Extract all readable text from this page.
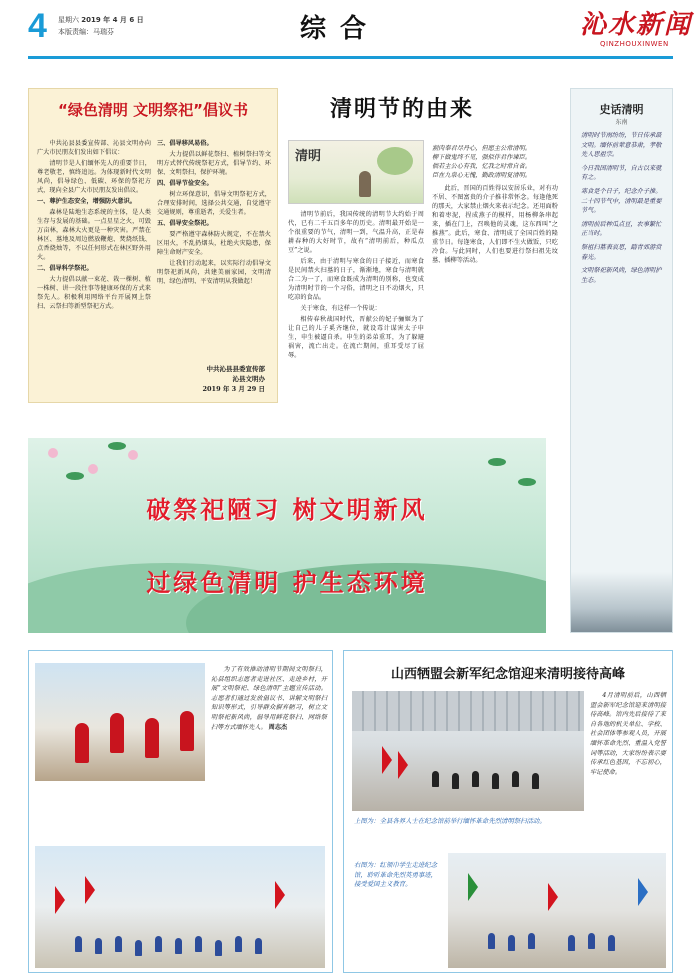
4 星期六 2019 年 4 月 6 日
本版责编：马瑞芬	综合	沁水新闻
QINZHOUXINWEN
“绿色清明 文明祭祀”倡议书

中共沁县县委宣传部、沁县文明办向广大市民朋友们发出如下倡议：

清明节是人们缅怀先人的重要节日，尊老敬老，慎终追远。为体现新时代文明风尚，倡导绿色、低碳、环保的祭祀方式，现向全县广大市民朋友发出倡议。

一、尊护生态安全，增强防火意识。

森林是陆地生态系统的主体，是人类生存与发展的基础。一点星星之火，可毁万亩林，森林大火更是一种灾害。严禁在林区、墓地及周边燃放鞭炮、焚烧纸钱、点香烧烛等，不以任何形式在林区野外用火。

二、倡导科学祭祀。

大力提倡以献一束花、栽一棵树、植一株树、讲一段往事等健康环保的方式来祭先人。积极利用网络平台开展网上祭扫、云祭扫等新型祭祀方式。

三、倡导移风易俗。

大力提倡以鲜花祭扫、植树祭扫等文明方式替代传统祭祀方式，倡导节约、环保、文明祭扫，保护环境。

四、倡导节俭安全。

树立环保意识，倡导文明祭祀方式，合理安排时间，选择公共交通，自觉遵守交通规则，尊重逝者，关爱生者。

五、倡导安全祭祀。

要严格遵守森林防火规定，不在禁火区用火，不乱扔烟头，杜绝火灾隐患，保障生命财产安全。

让我们行动起来，以实际行动倡导文明祭祀新风尚，共建美丽家园，文明清明、绿色清明、平安清明从我做起！

中共沁县县委宣传部
沁县文明办
2019 年 3 月 29 日
清明节的由来
清明

清明节前后，我国传统的清明节大约始于周代，已有二千五百多年的历史。清明最开始是一个很重要的节气，清明一到，气温升高，正是春耕春种的大好时节，故有“清明前后，种瓜点豆”之说。

后来，由于清明与寒食的日子接近，而寒食是民间禁火扫墓的日子，渐渐地，寒食与清明就合二为一了，而寒食既成为清明的别称，也变成为清明时节的一个习俗，清明之日不动烟火，只吃凉的食品。

关于寒食，有这样一个传说：

相传春秋战国时代，晋献公的妃子骊姬为了让自己的儿子奚齐继位，就设毒计谋害太子申生，申生被逼自杀。申生的弟弟重耳，为了躲避祸害，流亡出走。在流亡期间，重耳受尽了屈辱。

割肉奉君尽丹心，但愿主公常清明。
柳下做鬼终不见，强似伴君作谏臣。
倘若主公心有我，忆我之时常自省。
臣在九泉心无愧，勤政清明复清明。

此后，晋国的百姓得以安居乐业，对有功不居、不图富贵的介子推非常怀念。每逢他死的那天，大家禁止烟火来表示纪念。还用面粉和着枣泥，捏成燕子的模样，用杨柳条串起来，插在门上，召唤他的灵魂，这东西叫“之推燕”。此后，寒食、清明成了全国百姓的隆重节日。每逢寒食，人们即不生火做饭，只吃冷食。与此同时，人们也要进行祭扫祖先坟墓、插柳等活动。

史话清明
东南

清明时节雨纷纷，节日传承最文明。缅怀前辈意恭肃，孝敬先人思祖宗。

今日我国清明节，自古以来就有之。

寒食是个日子，纪念介子推。二十四节气中，清明最是重要节气。

清明前后种瓜点豆，农事繁忙正当时。

祭祖扫墓表哀思，踏青郊游赏春光。

文明祭祀新风尚，绿色清明护生态。

破祭祀陋习 树文明新风
过绿色清明 护生态环境

为了有效推动清明节期间文明祭扫，沁县组织志愿者走进社区、走进乡村，开展“文明祭祀、绿色清明”主题宣传活动。志愿者们通过发放倡议书、讲解文明祭扫知识等形式，引导群众摒弃陋习，树立文明祭祀新风尚，倡导用鲜花祭扫、网络祭扫等方式缅怀先人。 周志杰

山西牺盟会新军纪念馆迎来清明接待高峰

4月清明前后，山西牺盟会新军纪念馆迎来清明接待高峰。馆内先后接待了来自各地的机关单位、学校、社会团体等参观人员，开展缅怀革命先烈、重温入党誓词等活动，大家纷纷表示要传承红色基因，不忘初心，牢记使命。

上图为：全县各界人士在纪念馆前举行缅怀革命先烈清明祭扫活动。
右图为：红领巾学生走进纪念馆，聆听革命先烈英勇事迹，接受爱国主义教育。
